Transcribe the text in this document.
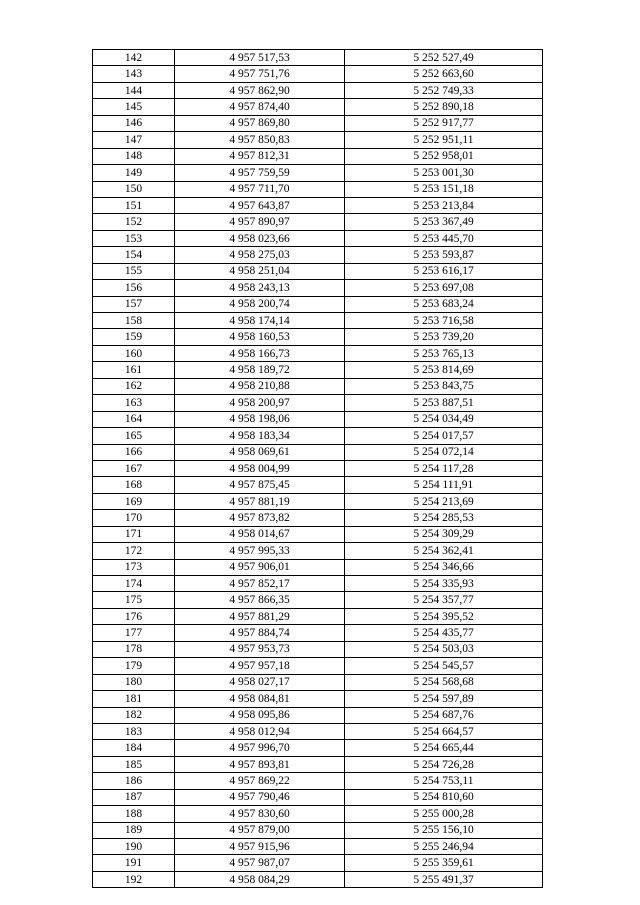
142	4 957 517,53	5 252 527,49
143	4 957 751,76	5 252 663,60
144	4 957 862,90	5 252 749,33
145	4 957 874,40	5 252 890,18
146	4 957 869,80	5 252 917,77
147	4 957 850,83	5 252 951,11
148	4 957 812,31	5 252 958,01
149	4 957 759,59	5 253 001,30
150	4 957 711,70	5 253 151,18
151	4 957 643,87	5 253 213,84
152	4 957 890,97	5 253 367,49
153	4 958 023,66	5 253 445,70
154	4 958 275,03	5 253 593,87
155	4 958 251,04	5 253 616,17
156	4 958 243,13	5 253 697,08
157	4 958 200,74	5 253 683,24
158	4 958 174,14	5 253 716,58
159	4 958 160,53	5 253 739,20
160	4 958 166,73	5 253 765,13
161	4 958 189,72	5 253 814,69
162	4 958 210,88	5 253 843,75
163	4 958 200,97	5 253 887,51
164	4 958 198,06	5 254 034,49
165	4 958 183,34	5 254 017,57
166	4 958 069,61	5 254 072,14
167	4 958 004,99	5 254 117,28
168	4 957 875,45	5 254 111,91
169	4 957 881,19	5 254 213,69
170	4 957 873,82	5 254 285,53
171	4 958 014,67	5 254 309,29
172	4 957 995,33	5 254 362,41
173	4 957 906,01	5 254 346,66
174	4 957 852,17	5 254 335,93
175	4 957 866,35	5 254 357,77
176	4 957 881,29	5 254 395,52
177	4 957 884,74	5 254 435,77
178	4 957 953,73	5 254 503,03
179	4 957 957,18	5 254 545,57
180	4 958 027,17	5 254 568,68
181	4 958 084,81	5 254 597,89
182	4 958 095,86	5 254 687,76
183	4 958 012,94	5 254 664,57
184	4 957 996,70	5 254 665,44
185	4 957 893,81	5 254 726,28
186	4 957 869,22	5 254 753,11
187	4 957 790,46	5 254 810,60
188	4 957 830,60	5 255 000,28
189	4 957 879,00	5 255 156,10
190	4 957 915,96	5 255 246,94
191	4 957 987,07	5 255 359,61
192	4 958 084,29	5 255 491,37
